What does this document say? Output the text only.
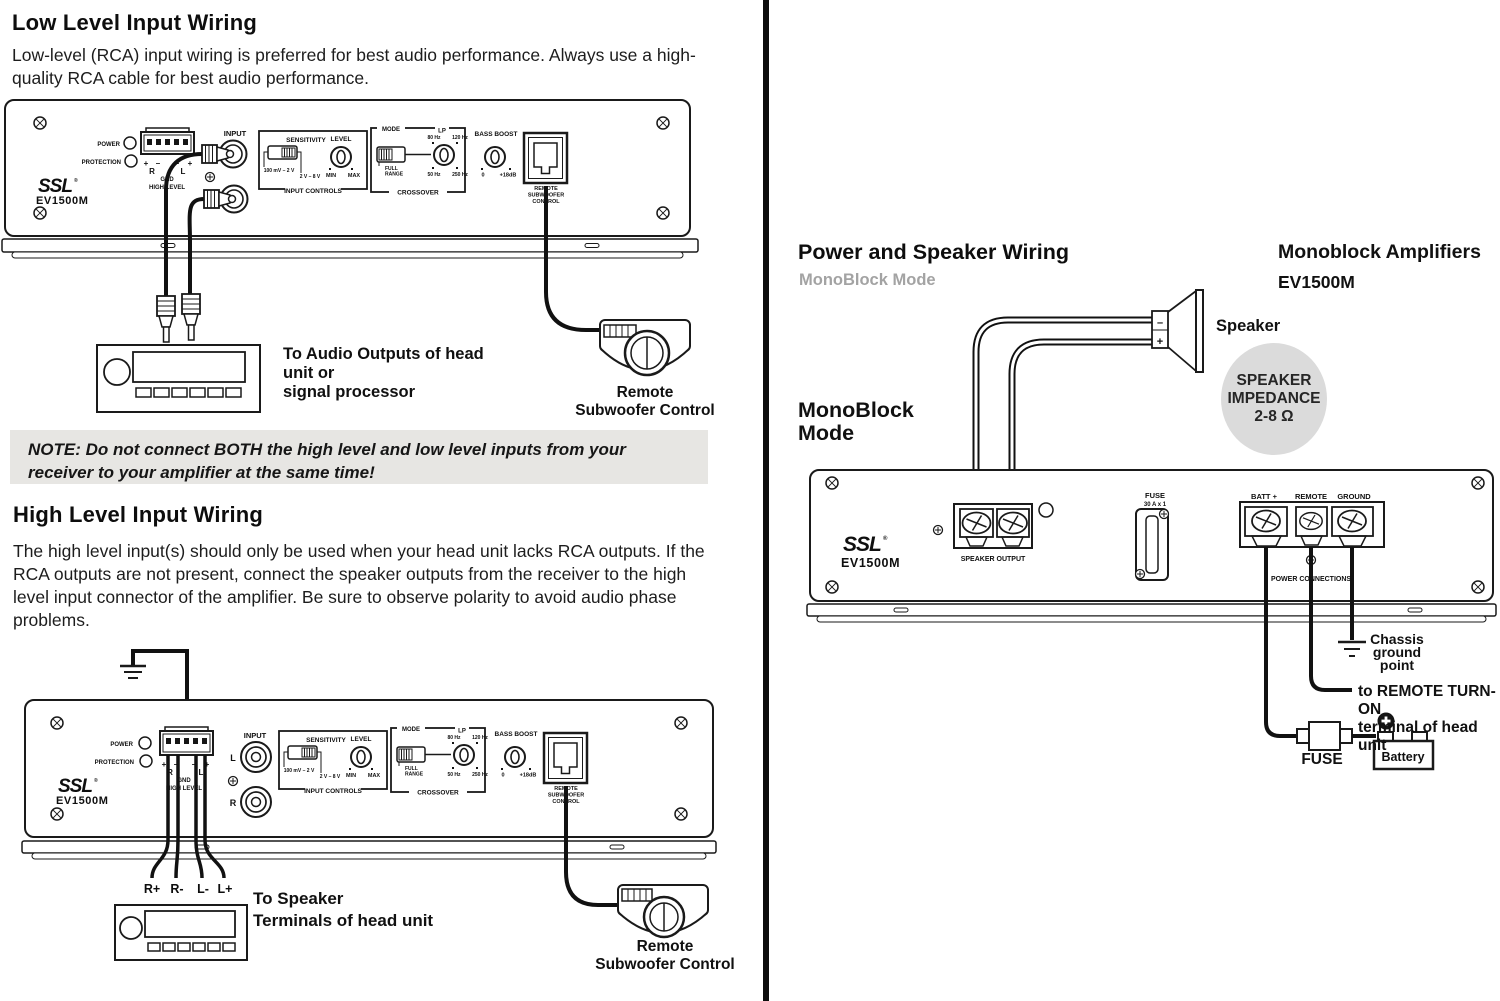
POWER
PROTECTION
SSL ®
EV1500M
+ – – +
R	L
GND
HIGH LEVEL
INPUT
SENSITIVITY
100 mV – 2 V
2 V – 8 V
LEVEL
MIN MAX
INPUT CONTROLS
MODE	LP
80 Hz 120 Hz
50 Hz 250 Hz
FULL
RANGE
CROSSOVER
BASS BOOST
0	+18dB
REMOTE
SUBWOOFER
CONTROL
POWER
PROTECTION
SSL ®
EV1500M
+ – – +
R	L
GND
HIGH LEVEL
INPUT
L
R
SENSITIVITY
100 mV – 2 V
2 V – 8 V
LEVEL
MIN MAX
INPUT CONTROLS
MODE	LP
80 Hz 120 Hz
50 Hz 250 Hz
FULL
RANGE
CROSSOVER
BASS BOOST
0	+18dB
REMOTE
SUBWOOFER
CONTROL
–
+
SSL ®
EV1500M	SPEAKER OUTPUT
FUSE
30 A x 1
BATT + REMOTE GROUND
POWER CONNECTIONS
Battery
Low Level Input Wiring
Low-level (RCA) input wiring is preferred for best audio performance. Always use a high-quality RCA cable for best audio performance.
To Audio Outputs of head
unit or
signal processor	Remote
Subwoofer Control
NOTE: Do not connect BOTH the high level and low level inputs from your receiver to your amplifier at the same time!
High Level Input Wiring
The high level input(s) should only be used when your head unit lacks RCA outputs. If the RCA outputs are not present, connect the speaker outputs from the receiver to the high level input connector of the amplifier. Be sure to observe polarity to avoid audio phase problems.
R+ R- L- L+ To Speaker
Terminals of head unit
Remote
Subwoofer Control
Power and Speaker Wiring
MonoBlock Mode
Monoblock Amplifiers
EV1500M
MonoBlock
Mode
Speaker
SPEAKER
IMPEDANCE
2-8 Ω
Chassis
ground
point
to REMOTE TURN-ON
terminal of head unit
FUSE
